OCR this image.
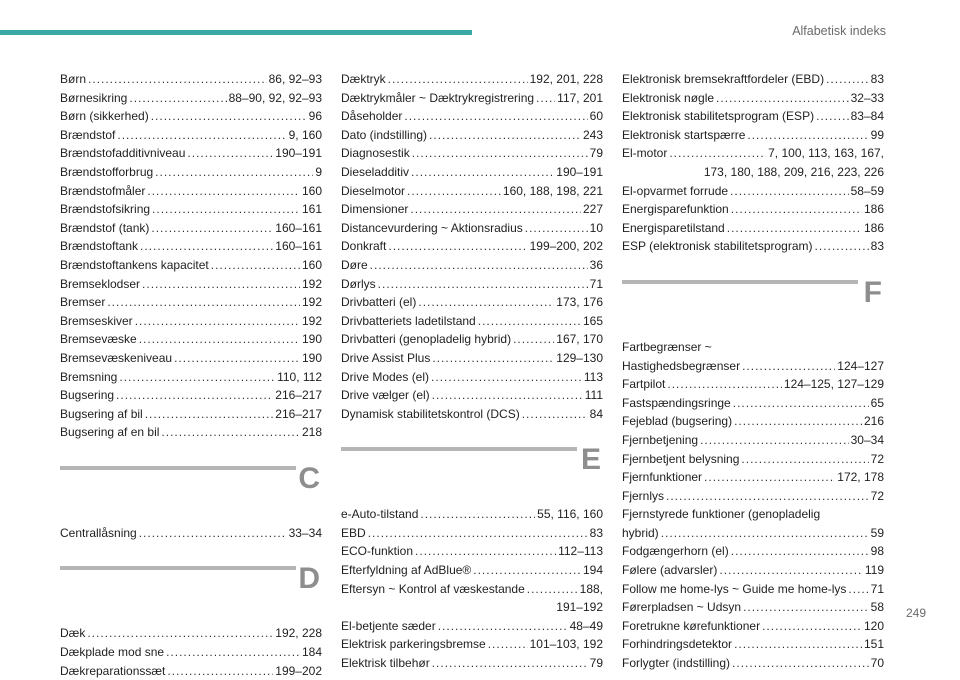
Alfabetisk indeks
Børn .....	86, 92–93
Børnesikring .....	88–90, 92, 92–93
Børn (sikkerhed) .....	96
Brændstof .....	9, 160
Brændstofadditivniveau .....	190–191
Brændstofforbrug .....	9
Brændstofmåler .....	160
Brændstofsikring .....	161
Brændstof (tank) .....	160–161
Brændstoftank .....	160–161
Brændstoftankens kapacitet .....	160
Bremseklodser .....	192
Bremser .....	192
Bremseskiver .....	192
Bremsevæske .....	190
Bremsevæskeniveau .....	190
Bremsning .....	110, 112
Bugsering .....	216–217
Bugsering af bil .....	216–217
Bugsering af en bil .....	218
C
Centrallåsning .....	33–34
D
Dæk .....	192, 228
Dækplade mod sne .....	184
Dækreparationssæt .....	199–202
Dæktryk .....	192, 201, 228
Dæktrykmåler ~ Dæktrykregistrering ..... 117, 201
Dåseholder .....	60
Dato (indstilling) .....	243
Diagnosestik .....	79
Dieseladditiv .....	190–191
Dieselmotor .....	160, 188, 198, 221
Dimensioner .....	227
Distancevurdering ~ Aktionsradius .....	10
Donkraft .....	199–200, 202
Døre .....	36
Dørlys .....	71
Drivbatteri (el) .....	173, 176
Drivbatteriets ladetilstand .....	165
Drivbatteri (genopladelig hybrid) .....	167, 170
Drive Assist Plus .....	129–130
Drive Modes (el) .....	113
Drive vælger (el) .....	111
Dynamisk stabilitetskontrol (DCS) .....	84
E
e-Auto-tilstand .....	55, 116, 160
EBD .....	83
ECO-funktion .....	112–113
Efterfyldning af AdBlue® .....	194
Eftersyn ~ Kontrol af væskestande .....	188,
191–192
El-betjente sæder .....	48–49
Elektrisk parkeringsbremse .....	101–103, 192
Elektrisk tilbehør .....	79
Elektronisk bremsekraftfordeler (EBD) .....	83
Elektronisk nøgle .....	32–33
Elektronisk stabilitetsprogram (ESP) .....	83–84
Elektronisk startspærre .....	99
El-motor .....	7, 100, 113, 163, 167,
173, 180, 188, 209, 216, 223, 226
El-opvarmet forrude .....	58–59
Energisparefunktion .....	186
Energisparetilstand .....	186
ESP (elektronisk stabilitetsprogram) .....	83
F
Fartbegrænser ~
Hastighedsbegrænser .....	124–127
Fartpilot .....	124–125, 127–129
Fastspændingsringe .....	65
Fejeblad (bugsering) .....	216
Fjernbetjening .....	30–34
Fjernbetjent belysning .....	72
Fjernfunktioner .....	172, 178
Fjernlys .....	72
Fjernstyrede funktioner (genopladelig
hybrid) .....	59
Fodgængerhorn (el) .....	98
Følere (advarsler) .....	119
Follow me home-lys ~ Guide me home-lys ..... 71
Førerpladsen ~ Udsyn .....	58
Foretrukne kørefunktioner .....	120
Forhindringsdetektor .....	151
Forlygter (indstilling) .....	70
249
